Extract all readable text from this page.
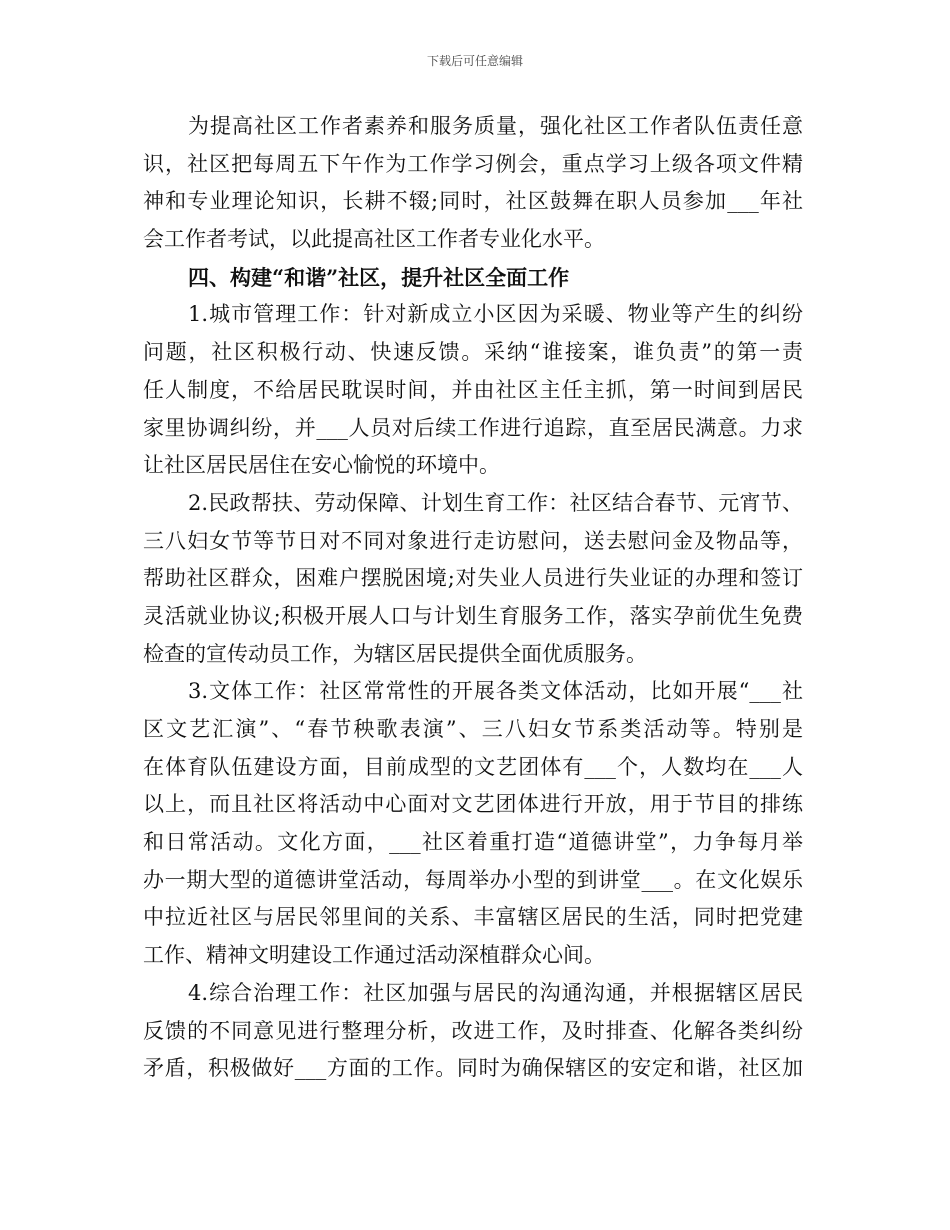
下载后可任意编辑
为提高社区工作者素养和服务质量，强化社区工作者队伍责任意
识，社区把每周五下午作为工作学习例会，重点学习上级各项文件精
神和专业理论知识，长耕不辍;同时，社区鼓舞在职人员参加___年社
会工作者考试，以此提高社区工作者专业化水平。
四、构建“和谐”社区，提升社区全面工作
1.城市管理工作：针对新成立小区因为采暖、物业等产生的纠纷
问题，社区积极行动、快速反馈。采纳“谁接案，谁负责”的第一责
任人制度，不给居民耽误时间，并由社区主任主抓，第一时间到居民
家里协调纠纷，并___人员对后续工作进行追踪，直至居民满意。力求
让社区居民居住在安心愉悦的环境中。
2.民政帮扶、劳动保障、计划生育工作：社区结合春节、元宵节、
三八妇女节等节日对不同对象进行走访慰问，送去慰问金及物品等，
帮助社区群众，困难户摆脱困境;对失业人员进行失业证的办理和签订
灵活就业协议;积极开展人口与计划生育服务工作，落实孕前优生免费
检查的宣传动员工作，为辖区居民提供全面优质服务。
3.文体工作：社区常常性的开展各类文体活动，比如开展“___社
区文艺汇演”、“春节秧歌表演”、三八妇女节系类活动等。特别是
在体育队伍建设方面，目前成型的文艺团体有___个，人数均在___人
以上，而且社区将活动中心面对文艺团体进行开放，用于节目的排练
和日常活动。文化方面，___社区着重打造“道德讲堂”，力争每月举
办一期大型的道德讲堂活动，每周举办小型的到讲堂___。在文化娱乐
中拉近社区与居民邻里间的关系、丰富辖区居民的生活，同时把党建
工作、精神文明建设工作通过活动深植群众心间。
4.综合治理工作：社区加强与居民的沟通沟通，并根据辖区居民
反馈的不同意见进行整理分析，改进工作，及时排查、化解各类纠纷
矛盾，积极做好___方面的工作。同时为确保辖区的安定和谐，社区加
